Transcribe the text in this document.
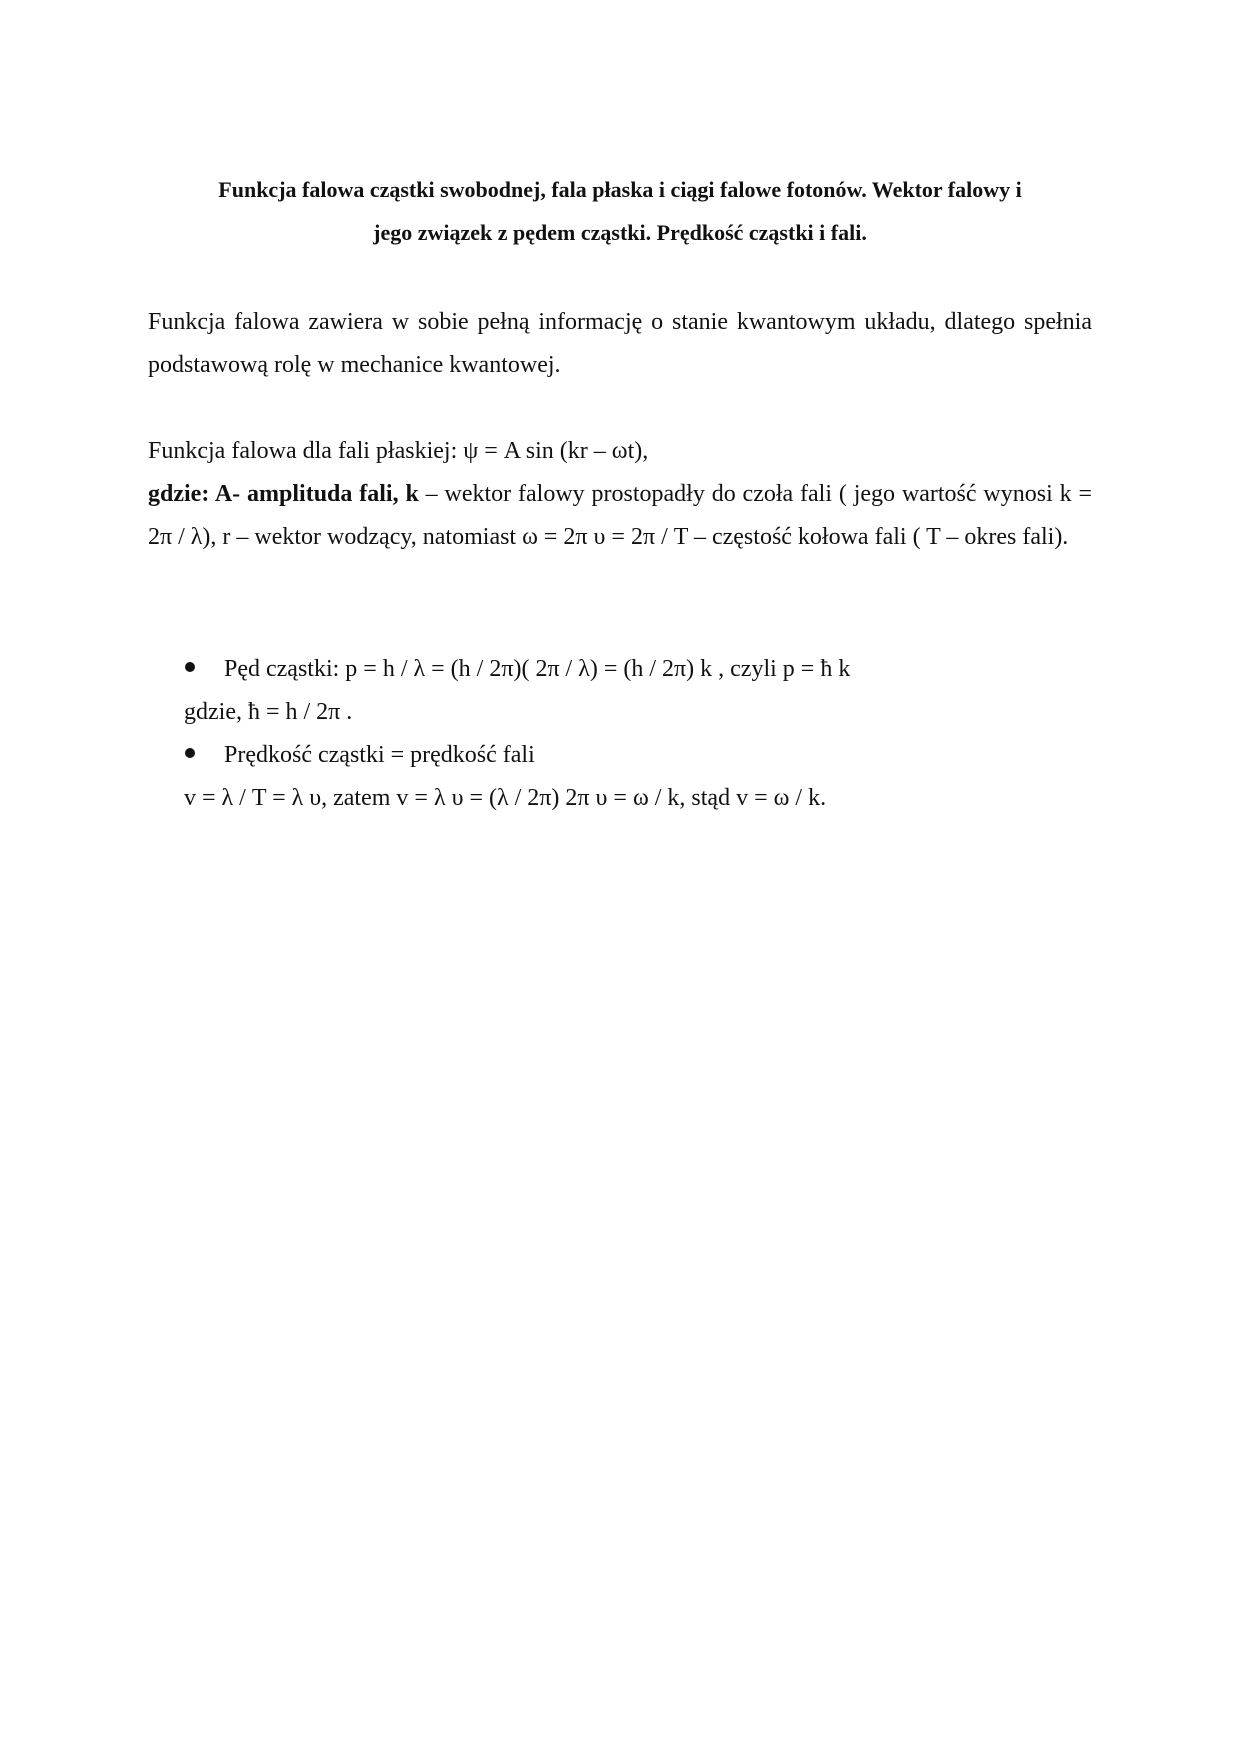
Funkcja falowa cząstki swobodnej, fala płaska i ciągi falowe fotonów. Wektor falowy i
jego związek z pędem cząstki. Prędkość cząstki i fali.
Funkcja falowa zawiera w sobie pełną informację o stanie kwantowym układu, dlatego spełnia podstawową rolę w mechanice kwantowej.
Funkcja falowa dla fali płaskiej: ψ = A sin (kr – ωt),
gdzie: A- amplituda fali, k – wektor falowy prostopadły do czoła fali ( jego wartość wynosi k = 2π / λ), r – wektor wodzący, natomiast ω = 2π υ = 2π / T – częstość kołowa fali ( T – okres fali).
Pęd cząstki: p = h / λ = (h / 2π)( 2π / λ) = (h / 2π) k , czyli p = ħ k
gdzie, ħ = h / 2π .
Prędkość cząstki = prędkość fali
v = λ / T = λ υ, zatem v = λ υ = (λ / 2π) 2π υ = ω / k, stąd v = ω / k.
